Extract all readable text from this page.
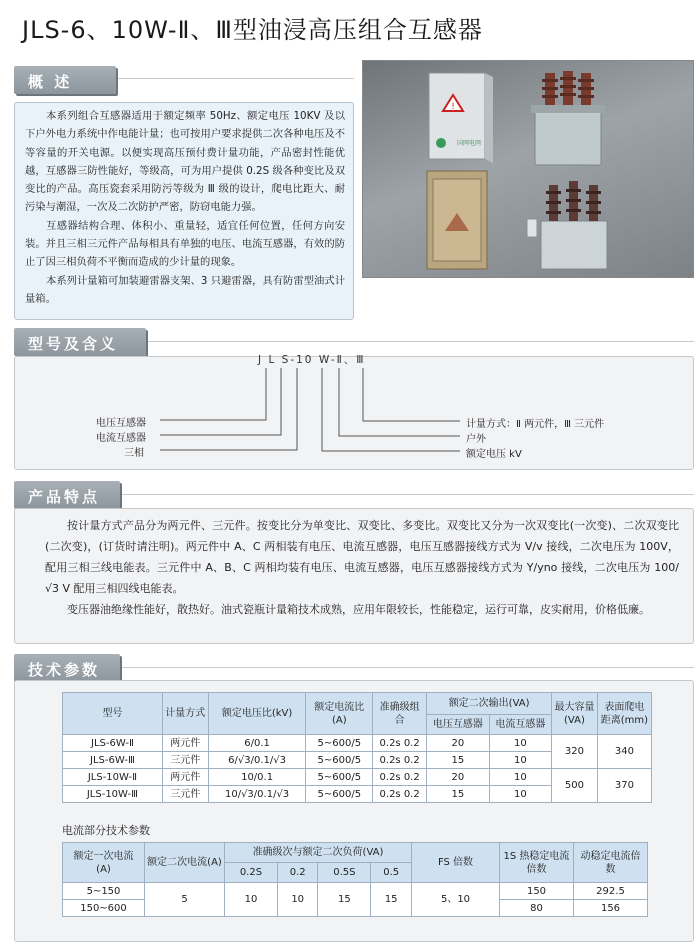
JLS-6、10W-Ⅱ、Ⅲ型油浸高压组合互感器
概 述

本系列组合互感器适用于额定频率 50Hz、额定电压 10KV 及以下户外电力系统中作电能计量；也可按用户要求提供二次各种电压及不等容量的开关电源。以便实现高压预付费计量功能，产品密封性能优越，互感器三防性能好，等级高，可为用户提供 0.2S 级各种变比及双变比的产品。高压瓷套采用防污等级为 Ⅲ 级的设计，爬电比距大、耐污染与潮湿，一次及二次防护严密，防窃电能力强。

互感器结构合理、体积小、重量轻，适宜任何位置，任何方向安装。并且三相三元件产品每相具有单独的电压、电流互感器，有效的防止了因三相负荷不平衡而造成的少计量的现象。

本系列计量箱可加装避雷器支架、3 只避雷器，具有防雷型油式计量箱。

!
国网电网
型号及含义
J L S-10 W-Ⅱ、Ⅲ
电压互感器
电流互感器
三相
计量方式：Ⅱ 两元件，Ⅲ 三元件
户外
额定电压 kV
产品特点

按计量方式产品分为两元件、三元件。按变比分为单变比、双变比、多变比。双变比又分为一次双变比(一次变)、二次双变比(二次变)，(订货时请注明)。两元件中 A、C 两相装有电压、电流互感器，电压互感器接线方式为 V/v 接线，二次电压为 100V，配用三相三线电能表。三元件中 A、B、C 两相均装有电压、电流互感器，电压互感器接线方式为 Y/yno 接线，二次电压为 100/√3 V 配用三相四线电能表。

变压器油绝缘性能好，散热好。油式瓷瓶计量箱技术成熟，应用年限较长，性能稳定，运行可靠，皮实耐用，价格低廉。

技术参数
型号	计量方式	额定电压比(kV)	额定电流比(A)	准确级组合	额定二次输出(VA)		最大容量(VA)	表面爬电距离(mm)
					电压互感器	电流互感器		
JLS-6W-Ⅱ	两元件	6/0.1	5~600/5	0.2s 0.2	20	10	320	340
JLS-6W-Ⅲ	三元件	6/√3/0.1/√3	5~600/5	0.2s 0.2	15	10		
JLS-10W-Ⅱ	两元件	10/0.1	5~600/5	0.2s 0.2	20	10	500	370
JLS-10W-Ⅲ	三元件	10/√3/0.1/√3	5~600/5	0.2s 0.2	15	10		
电流部分技术参数
额定一次电流 (A)	额定二次电流(A)	准确级次与额定二次负荷(VA)				FS 倍数	1S 热稳定电流倍数	动稳定电流倍数
		0.2S	0.2	0.5S	0.5			
5~150	5	10	10	15	15	5、10	150	292.5
150~600							80	156
